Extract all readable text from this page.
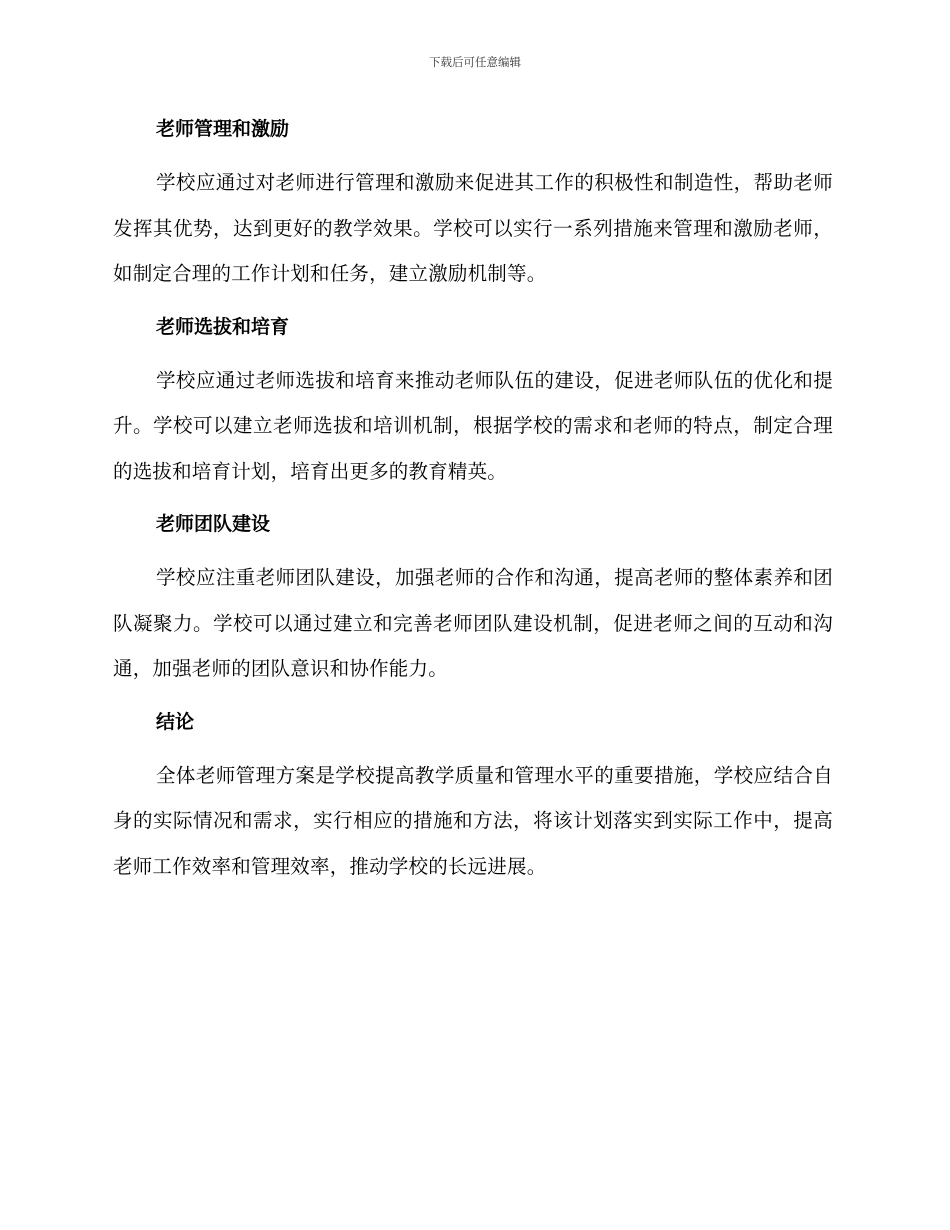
下载后可任意编辑
老师管理和激励

学校应通过对老师进行管理和激励来促进其工作的积极性和制造性，帮助老师发挥其优势，达到更好的教学效果。学校可以实行一系列措施来管理和激励老师，如制定合理的工作计划和任务，建立激励机制等。

老师选拔和培育

学校应通过老师选拔和培育来推动老师队伍的建设，促进老师队伍的优化和提升。学校可以建立老师选拔和培训机制，根据学校的需求和老师的特点，制定合理的选拔和培育计划，培育出更多的教育精英。

老师团队建设

学校应注重老师团队建设，加强老师的合作和沟通，提高老师的整体素养和团队凝聚力。学校可以通过建立和完善老师团队建设机制，促进老师之间的互动和沟通，加强老师的团队意识和协作能力。

结论

全体老师管理方案是学校提高教学质量和管理水平的重要措施，学校应结合自身的实际情况和需求，实行相应的措施和方法，将该计划落实到实际工作中，提高老师工作效率和管理效率，推动学校的长远进展。
